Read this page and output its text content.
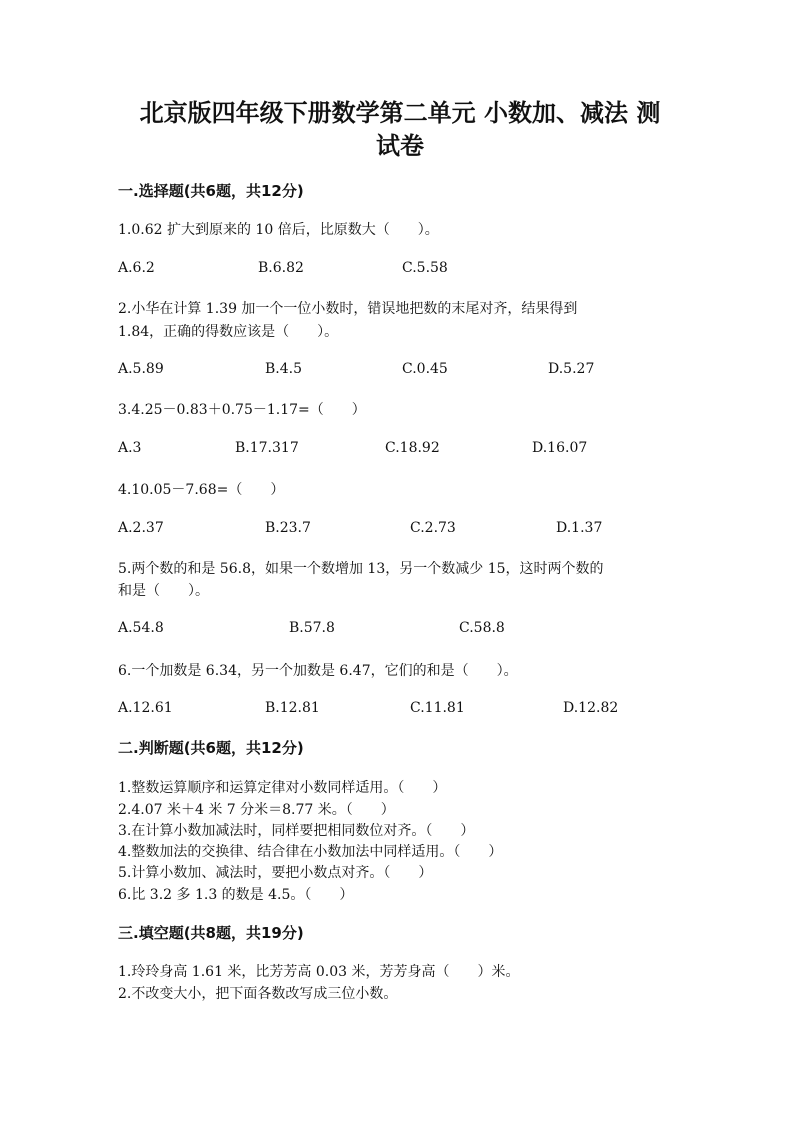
北京版四年级下册数学第二单元 小数加、减法 测
试卷
一.选择题(共6题，共12分)
1.0.62 扩大到原来的 10 倍后，比原数大（　　）。
A.6.2	B.6.82	C.5.58
2.小华在计算 1.39 加一个一位小数时，错误地把数的末尾对齐，结果得到
1.84，正确的得数应该是（　　）。
A.5.89	B.4.5	C.0.45	D.5.27
3.4.25－0.83＋0.75－1.17=（　　）
A.3	B.17.317	C.18.92	D.16.07
4.10.05－7.68=（　　）
A.2.37	B.23.7	C.2.73	D.1.37
5.两个数的和是 56.8，如果一个数增加 13，另一个数减少 15，这时两个数的
和是（　　）。
A.54.8	B.57.8	C.58.8
6.一个加数是 6.34，另一个加数是 6.47，它们的和是（　　）。
A.12.61	B.12.81	C.11.81	D.12.82
二.判断题(共6题，共12分)
1.整数运算顺序和运算定律对小数同样适用。（　　）
2.4.07 米＋4 米 7 分米＝8.77 米。（　　）
3.在计算小数加减法时，同样要把相同数位对齐。（　　）
4.整数加法的交换律、结合律在小数加法中同样适用。（　　）
5.计算小数加、减法时，要把小数点对齐。（　　）
6.比 3.2 多 1.3 的数是 4.5。（　　）
三.填空题(共8题，共19分)
1.玲玲身高 1.61 米，比芳芳高 0.03 米，芳芳身高（　　）米。
2.不改变大小，把下面各数改写成三位小数。
